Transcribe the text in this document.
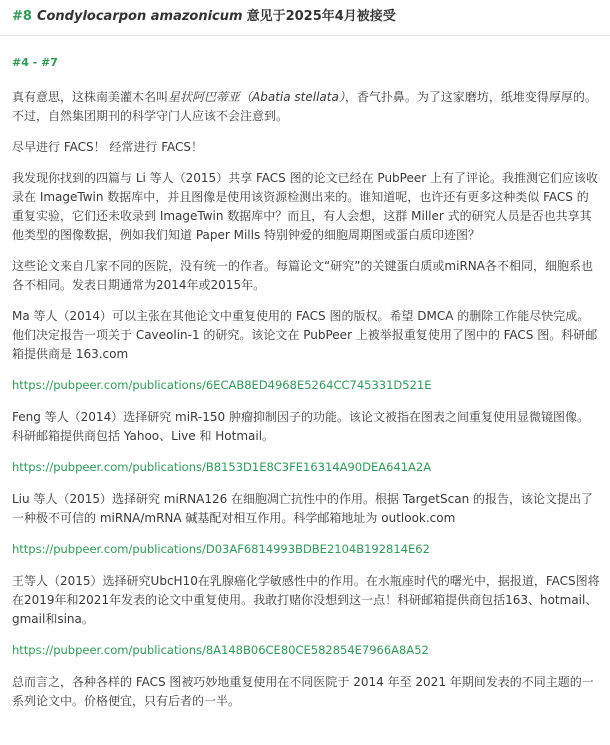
#8 Condylocarpon amazonicum 意见于2025年4月被接受
#4 - #7

真有意思，这株南美灌木名叫星状阿巴蒂亚（Abatia stellata），香气扑鼻。为了这家磨坊，纸堆变得厚厚的。不过，自然集团期刊的科学守门人应该不会注意到。

尽早进行 FACS！ 经常进行 FACS！

我发现你找到的四篇与 Li 等人（2015）共享 FACS 图的论文已经在 PubPeer 上有了评论。我推测它们应该收录在 ImageTwin 数据库中，并且图像是使用该资源检测出来的。谁知道呢，也许还有更多这种类似 FACS 的重复实验，它们还未收录到 ImageTwin 数据库中？而且，有人会想，这群 Miller 式的研究人员是否也共享其他类型的图像数据，例如我们知道 Paper Mills 特别钟爱的细胞周期图或蛋白质印迹图？

这些论文来自几家不同的医院，没有统一的作者。每篇论文“研究”的关键蛋白质或miRNA各不相同，细胞系也各不相同。发表日期通常为2014年或2015年。

Ma 等人（2014）可以主张在其他论文中重复使用的 FACS 图的版权。希望 DMCA 的删除工作能尽快完成。他们决定报告一项关于 Caveolin-1 的研究。该论文在 PubPeer 上被举报重复使用了图中的 FACS 图。科研邮箱提供商是 163.com

https://pubpeer.com/publications/6ECAB8ED4968E5264CC745331D521E

Feng 等人（2014）选择研究 miR-150 肿瘤抑制因子的功能。该论文被指在图表之间重复使用显微镜图像。科研邮箱提供商包括 Yahoo、Live 和 Hotmail。

https://pubpeer.com/publications/B8153D1E8C3FE16314A90DEA641A2A

Liu 等人（2015）选择研究 miRNA126 在细胞凋亡抗性中的作用。根据 TargetScan 的报告，该论文提出了一种极不可信的 miRNA/mRNA 碱基配对相互作用。科学邮箱地址为 outlook.com

https://pubpeer.com/publications/D03AF6814993BDBE2104B192814E62

王等人（2015）选择研究UbcH10在乳腺癌化学敏感性中的作用。在水瓶座时代的曙光中，据报道，FACS图将在2019年和2021年发表的论文中重复使用。我敢打赌你没想到这一点！科研邮箱提供商包括163、hotmail、gmail和sina。

https://pubpeer.com/publications/8A148B06CE80CE582854E7966A8A52

总而言之，各种各样的 FACS 图被巧妙地重复使用在不同医院于 2014 年至 2021 年期间发表的不同主题的一系列论文中。价格便宜，只有后者的一半。
